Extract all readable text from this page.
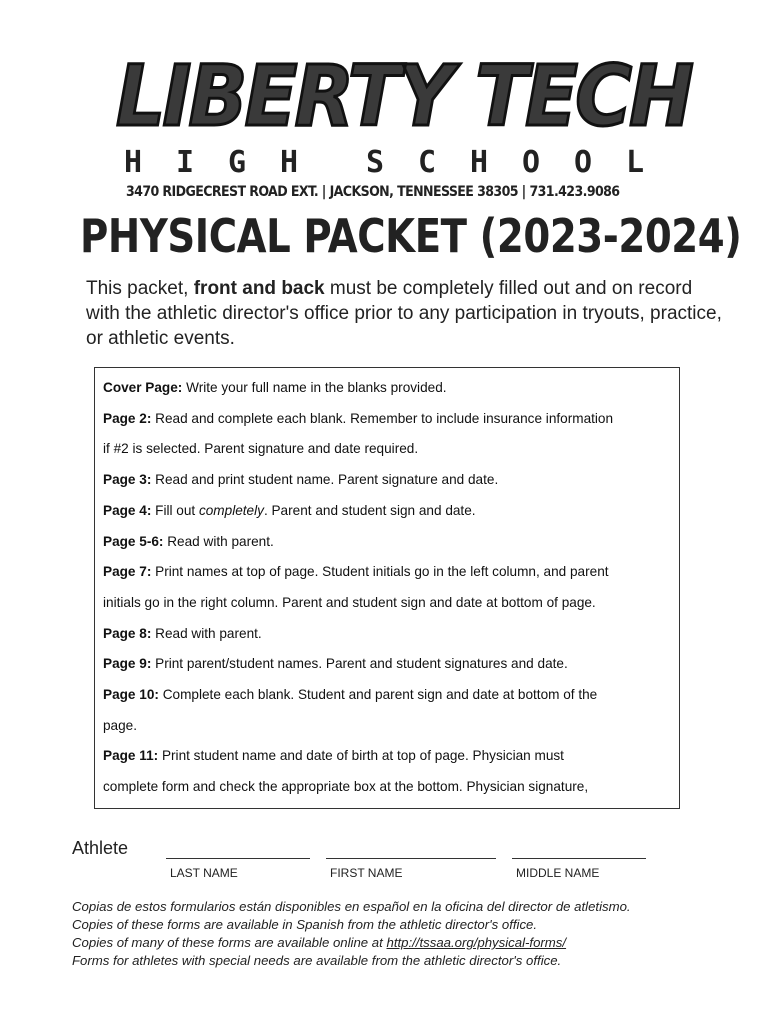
LIBERTY TECH
H I G H S C H O O L
3470 RIDGECREST ROAD EXT. | JACKSON, TENNESSEE 38305 | 731.423.9086
PHYSICAL PACKET (2023-2024)
This packet, front and back must be completely filled out and on record with the athletic director's office prior to any participation in tryouts, practice, or athletic events.
Cover Page: Write your full name in the blanks provided.
Page 2: Read and complete each blank. Remember to include insurance information
if #2 is selected. Parent signature and date required.
Page 3: Read and print student name. Parent signature and date.
Page 4: Fill out completely. Parent and student sign and date.
Page 5-6: Read with parent.
Page 7: Print names at top of page. Student initials go in the left column, and parent
initials go in the right column. Parent and student sign and date at bottom of page.
Page 8: Read with parent.
Page 9: Print parent/student names. Parent and student signatures and date.
Page 10: Complete each blank. Student and parent sign and date at bottom of the
page.
Page 11: Print student name and date of birth at top of page. Physician must
complete form and check the appropriate box at the bottom. Physician signature,
Athlete
LAST NAME	FIRST NAME	MIDDLE NAME
Copias de estos formularios están disponibles en español en la oficina del director de atletismo.
Copies of these forms are available in Spanish from the athletic director's office.
Copies of many of these forms are available online at http://tssaa.org/physical-forms/
Forms for athletes with special needs are available from the athletic director's office.
